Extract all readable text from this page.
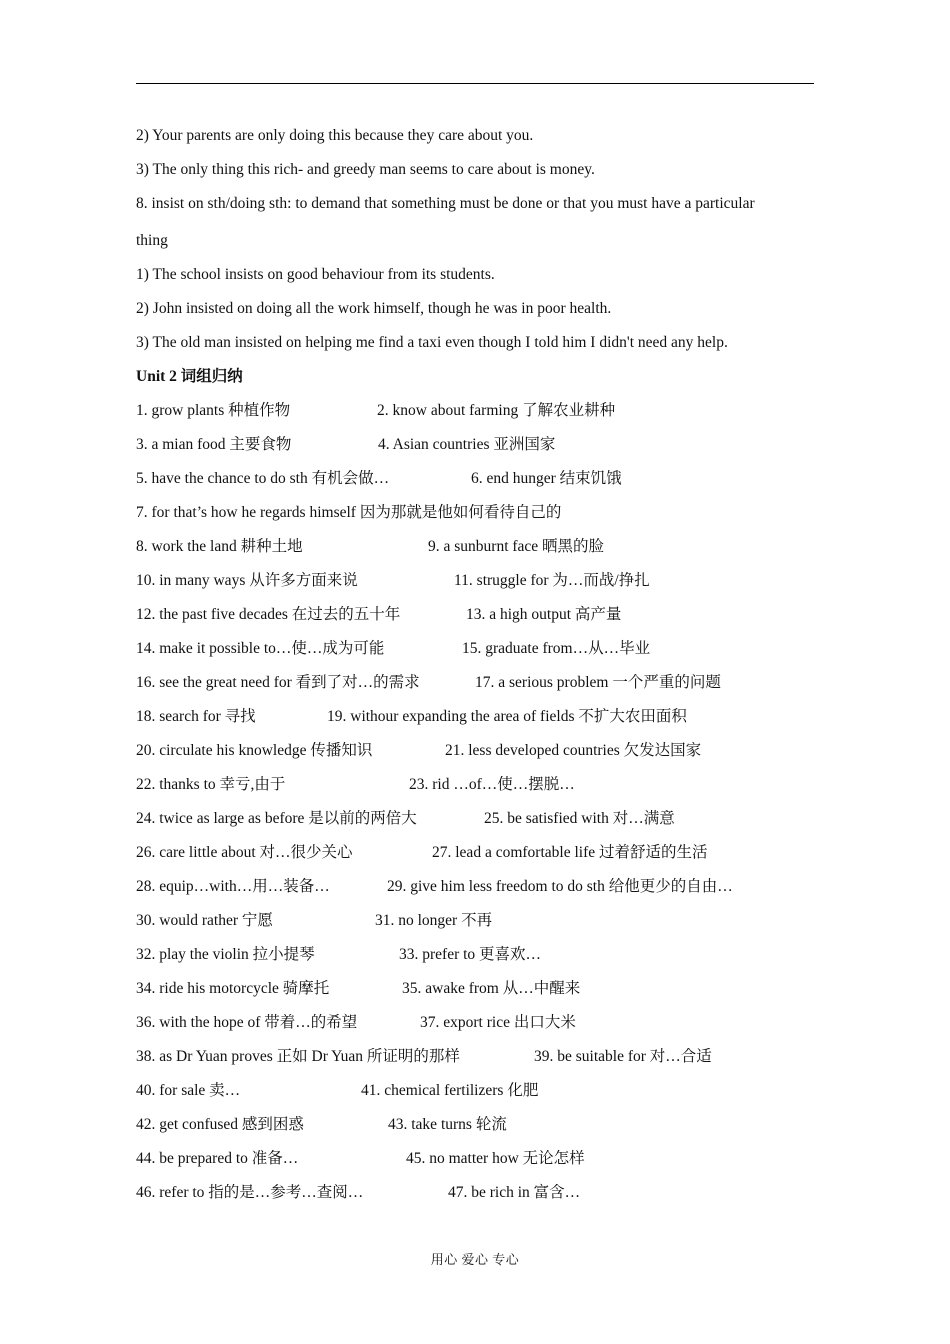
2) Your parents are only doing this because they care about you.
3) The only thing this rich- and greedy man seems to care about is money.
8. insist on sth/doing sth: to demand that something must be done or that you must have a particular
thing
1) The school insists on good behaviour from its students.
2) John insisted on doing all the work himself, though he was in poor health.
3) The old man insisted on helping me find a taxi even though I told him I didn't need any help.
Unit 2 词组归纳
1. grow plants 种植作物	2. know about farming 了解农业耕种
3. a mian food 主要食物	4. Asian countries 亚洲国家
5. have the chance to do sth 有机会做…	6. end hunger 结束饥饿
7. for that’s how he regards himself 因为那就是他如何看待自己的
8. work the land 耕种土地	9. a sunburnt face 晒黑的脸
10. in many ways 从许多方面来说	11. struggle for 为…而战/挣扎
12. the past five decades 在过去的五十年	13. a high output 高产量
14. make it possible to…使…成为可能	15. graduate from…从…毕业
16. see the great need for 看到了对…的需求	17. a serious problem 一个严重的问题
18. search for 寻找	19. withour expanding the area of fields 不扩大农田面积
20. circulate his knowledge 传播知识	21. less developed countries 欠发达国家
22. thanks to 幸亏,由于	23. rid …of…使…摆脱…
24. twice as large as before 是以前的两倍大	25. be satisfied with 对…满意
26. care little about 对…很少关心	27. lead a comfortable life 过着舒适的生活
28. equip…with…用…装备…	29. give him less freedom to do sth 给他更少的自由…
30. would rather 宁愿	31. no longer 不再
32. play the violin 拉小提琴	33. prefer to 更喜欢…
34. ride his motorcycle 骑摩托	35. awake from 从…中醒来
36. with the hope of 带着…的希望	37. export rice 出口大米
38. as Dr Yuan proves 正如 Dr Yuan 所证明的那样	39. be suitable for 对…合适
40. for sale 卖…	41. chemical fertilizers 化肥
42. get confused 感到困惑	43. take turns 轮流
44. be prepared to 准备…	45. no matter how 无论怎样
46. refer to 指的是…参考…查阅…	47. be rich in 富含…
用心 爱心 专心
